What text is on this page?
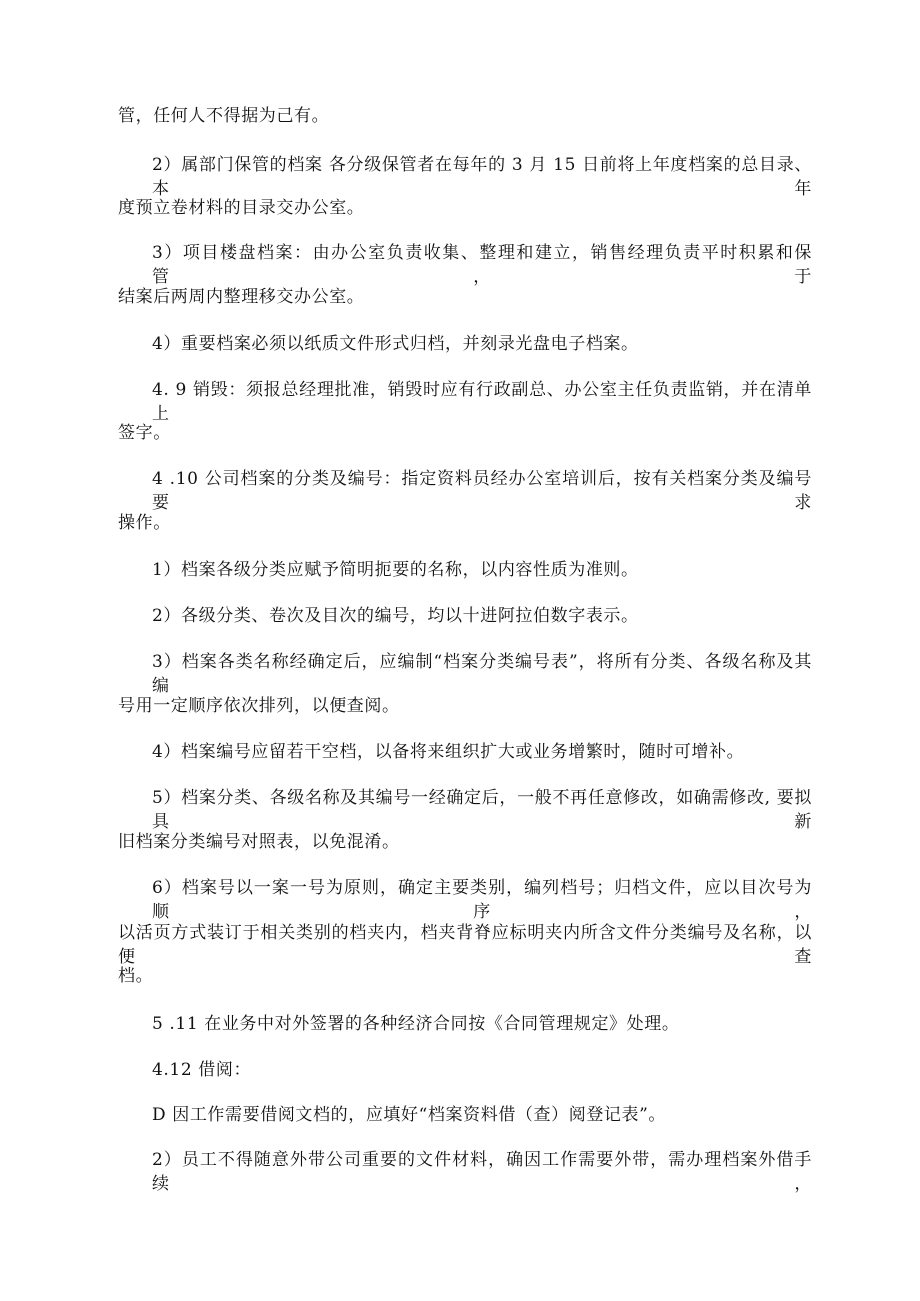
管，任何人不得据为己有。
2）属部门保管的档案 各分级保管者在每年的 3 月 15 日前将上年度档案的总目录、本年
度预立卷材料的目录交办公室。
3）项目楼盘档案：由办公室负责收集、整理和建立，销售经理负责平时积累和保管，于
结案后两周内整理移交办公室。
4）重要档案必须以纸质文件形式归档，并刻录光盘电子档案。
4. 9 销毁：须报总经理批准，销毁时应有行政副总、办公室主任负责监销，并在清单上
签字。
4 .10 公司档案的分类及编号：指定资料员经办公室培训后，按有关档案分类及编号要求
操作。
1）档案各级分类应赋予简明扼要的名称，以内容性质为准则。
2）各级分类、卷次及目次的编号，均以十进阿拉伯数字表示。
3）档案各类名称经确定后，应编制“档案分类编号表”，将所有分类、各级名称及其编
号用一定顺序依次排列，以便查阅。
4）档案编号应留若干空档，以备将来组织扩大或业务增繁时，随时可增补。
5）档案分类、各级名称及其编号一经确定后，一般不再任意修改，如确需修改, 要拟具新
旧档案分类编号对照表，以免混淆。
6）档案号以一案一号为原则，确定主要类别，编列档号；归档文件，应以目次号为顺序，
以活页方式装订于相关类别的档夹内，档夹背脊应标明夹内所含文件分类编号及名称，以便查
档。
5 .11 在业务中对外签署的各种经济合同按《合同管理规定》处理。
4.12 借阅：
D 因工作需要借阅文档的，应填好“档案资料借（查）阅登记表”。
2）员工不得随意外带公司重要的文件材料，确因工作需要外带，需办理档案外借手续，
